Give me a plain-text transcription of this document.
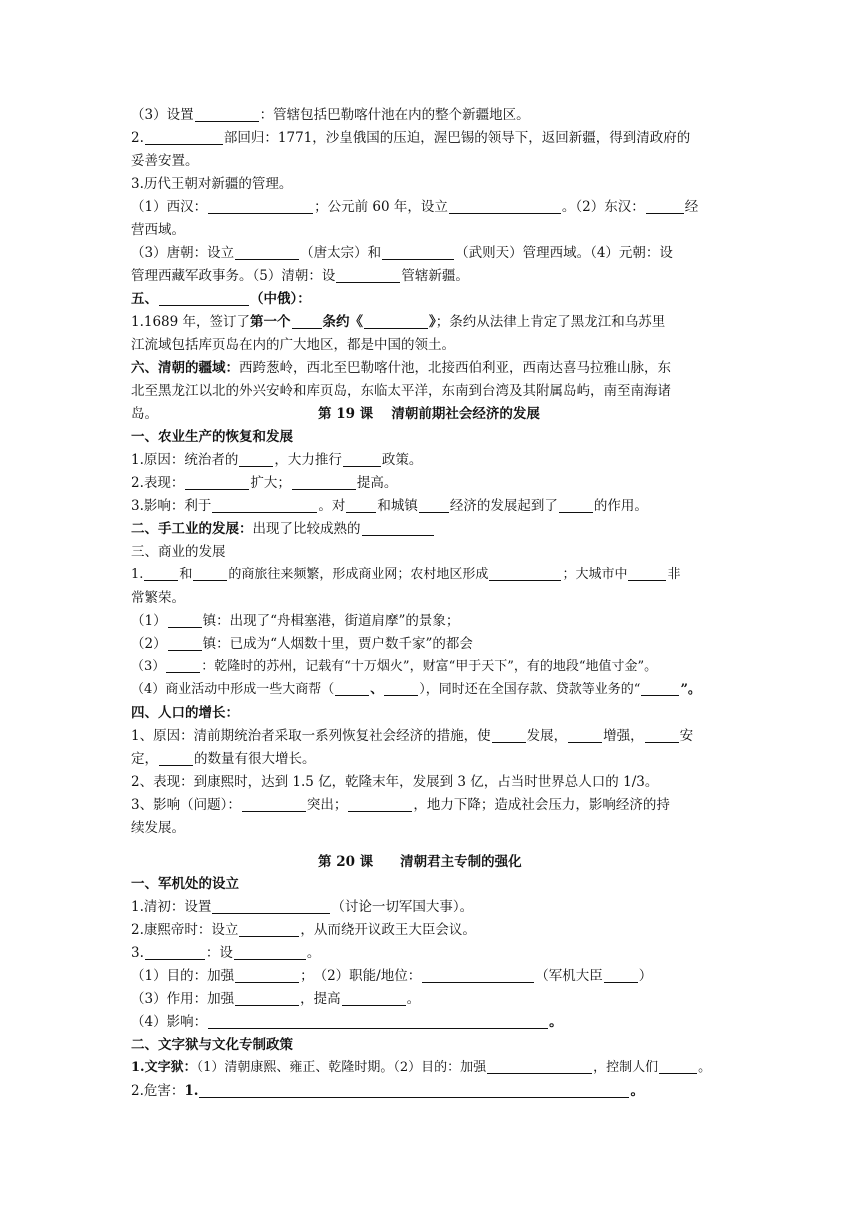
（3）设置	：管辖包括巴勒喀什池在内的整个新疆地区。
2.	部回归：1771，沙皇俄国的压迫，渥巴锡的领导下，返回新疆，得到清政府的
妥善安置。
3.历代王朝对新疆的管理。
（1）西汉：	；公元前 60 年，设立	。（2）东汉：	经
营西域。
（3）唐朝：设立	（唐太宗）和	（武则天）管理西域。（4）元朝：设
管理西藏军政事务。（5）清朝：设	管辖新疆。
五、	（中俄）：
1.1689 年，签订了第一个 条约《	》；条约从法律上肯定了黑龙江和乌苏里
江流域包括库页岛在内的广大地区，都是中国的领土。
六、清朝的疆域：西跨葱岭，西北至巴勒喀什池，北接西伯利亚，西南达喜马拉雅山脉，东
北至黑龙江以北的外兴安岭和库页岛，东临太平洋，东南到台湾及其附属岛屿，南至南海诸
岛。	第 19 课　 清朝前期社会经济的发展
一、农业生产的恢复和发展
1.原因：统治者的	，大力推行	政策。
2.表现：	扩大；	提高。
3.影响：利于	。对 和城镇 经济的发展起到了	的作用。
二、手工业的发展：出现了比较成熟的
三、商业的发展
1.	和	的商旅往来频繁，形成商业网；农村地区形成	；大城市中	非
常繁荣。
（1）	镇：出现了“舟楫塞港，街道肩摩”的景象；
（2）	镇：已成为“人烟数十里，贾户数千家”的都会
（3）	：乾隆时的苏州，记载有“十万烟火”，财富“甲于天下”，有的地段“地值寸金”。
（4）商业活动中形成一些大商帮（	、	），同时还在全国存款、贷款等业务的“	”。
四、人口的增长：
1、原因：清前期统治者采取一系列恢复社会经济的措施，使	发展，	增强，	安
定，	的数量有很大增长。
2、表现：到康熙时，达到 1.5 亿，乾隆末年，发展到 3 亿，占当时世界总人口的 1/3。
3、影响（问题）：	突出；	，地力下降；造成社会压力，影响经济的持
续发展。
第 20 课　　清朝君主专制的强化
一、军机处的设立
1.清初：设置	（讨论一切军国大事）。
2.康熙帝时：设立	，从而绕开议政王大臣会议。
3.	：设	。
（1）目的：加强	；　（2）职能/地位：	（军机大臣	）
（3）作用：加强	，提高	。
（4）影响：	。
二、文字狱与文化专制政策
1.文字狱：（1）清朝康熙、雍正、乾隆时期。（2）目的：加强	，控制人们	。
2.危害：1.	。
